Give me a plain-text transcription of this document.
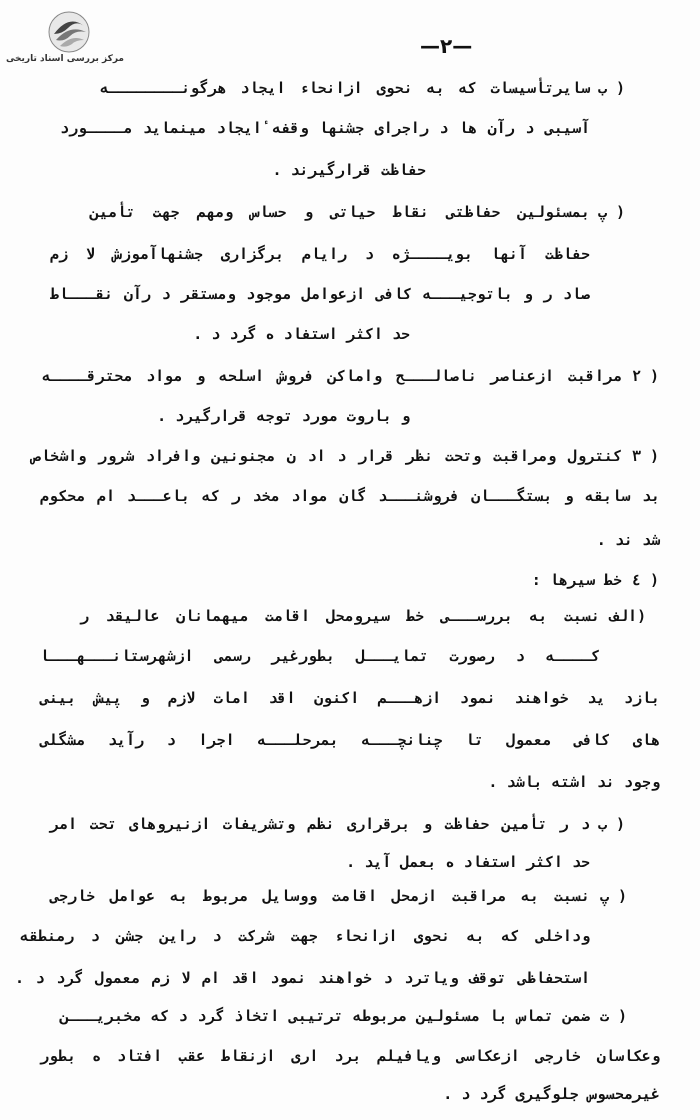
مرکز بررسی اسناد تاریخی
—٢—
( ب
( پ
( ٢
( ٣
( ٤
(الف
( ب
( پ
( ت
سایرتأسیسات که به نحوی ازانحاء ایجاد هرگونــــــــه
آسیبی د رآن ها د راجرای جشنها وقفه ٔایجاد مینماید مــــورد
حفاظت قرارگیرند .
بمسئولین حفاظتی نقاط حیاتی و حساس ومهم جهت تأمین
حفاظت آنها بویــــژه د رایام برگزاری جشنهاآموزش لا زم
صاد ر و باتوجیـــه کافی ازعوامل موجود ومستقر د رآن نقـــاط
حد اکثر استفاد ه گرد د .
مراقبت ازعناصر ناصالـــح واماکن فروش اسلحه و مواد محترقــــه
و باروت مورد توجه قرارگیرد .
کنترول ومراقبت وتحت نظر قرار د اد ن مجنونین وافراد شرور واشخاص
بد سابقه و بستگـــان فروشنـــد گان مواد مخد ر که باعـــد ام محکوم
شد ند .
خط سیرها :
نسبت به بررســـی خط سیرومحل اقامت میهمانان عالیقد ر
کــــه د رصورت تمایـــل بطورغیر رسمی ازشهرستانـــهـــا
بازد ید خواهند نمود ازهـــم اکنون اقد امات لازم و پیش بینی
های کافی معمول تا چنانچـــه بمرحلـــه اجرا د رآید مشگلی
وجود ند اشته باشد .
د ر تأمین حفاظت و برقراری نظم وتشریفات ازنیروهای تحت امر
حد اکثر استفاد ه بعمل آید .
نسبت به مراقبت ازمحل اقامت ووسایل مربوط به عوامل خارجی
وداخلی که به نحوی ازانحاء جهت شرکت د راین جشن د رمنطقه
استحفاظی توقف ویاترد د خواهند نمود اقد ام لا زم معمول گرد د .
ضمن تماس با مسئولین مربوطه ترتیبی اتخاذ گرد د که مخبریـــن
وعکاسان خارجی ازعکاسی ویافیلم برد اری ازنقاط عقب افتاد ه بطور
غیرمحسوس جلوگیری گرد د .
